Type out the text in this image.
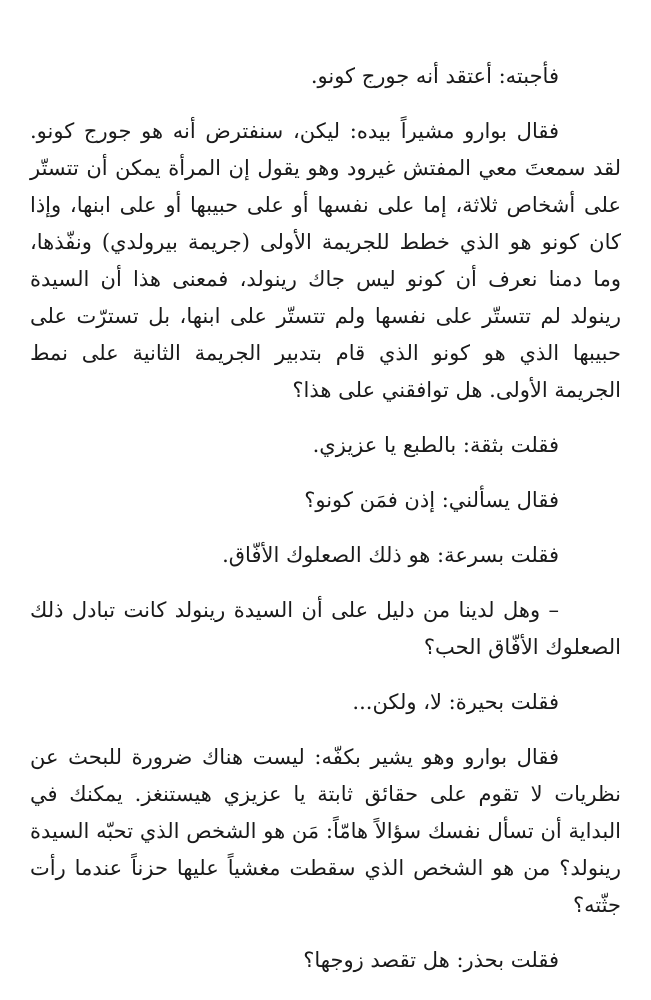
فأجبته: أعتقد أنه جورج كونو.

فقال بوارو مشيراً بيده: ليكن، سنفترض أنه هو جورج كونو. لقد سمعتَ معي المفتش غيرود وهو يقول إن المرأة يمكن أن تتستّر على أشخاص ثلاثة، إما على نفسها أو على حبيبها أو على ابنها، وإذا كان كونو هو الذي خطط للجريمة الأولى (جريمة بيرولدي) ونفّذها، وما دمنا نعرف أن كونو ليس جاك رينولد، فمعنى هذا أن السيدة رينولد لم تتستّر على نفسها ولم تتستّر على ابنها، بل تسترّت على حبيبها الذي هو كونو الذي قام بتدبير الجريمة الثانية على نمط الجريمة الأولى. هل توافقني على هذا؟

فقلت بثقة: بالطبع يا عزيزي.

فقال يسألني: إذن فمَن كونو؟

فقلت بسرعة: هو ذلك الصعلوك الأفّاق.

– وهل لدينا من دليل على أن السيدة رينولد كانت تبادل ذلك الصعلوك الأفّاق الحب؟

فقلت بحيرة: لا، ولكن...

فقال بوارو وهو يشير بكفّه: ليست هناك ضرورة للبحث عن نظريات لا تقوم على حقائق ثابتة يا عزيزي هيستنغز. يمكنك في البداية أن تسأل نفسك سؤالاً هامّاً: مَن هو الشخص الذي تحبّه السيدة رينولد؟ من هو الشخص الذي سقطت مغشياً عليها حزناً عندما رأت جثّته؟

فقلت بحذر: هل تقصد زوجها؟
